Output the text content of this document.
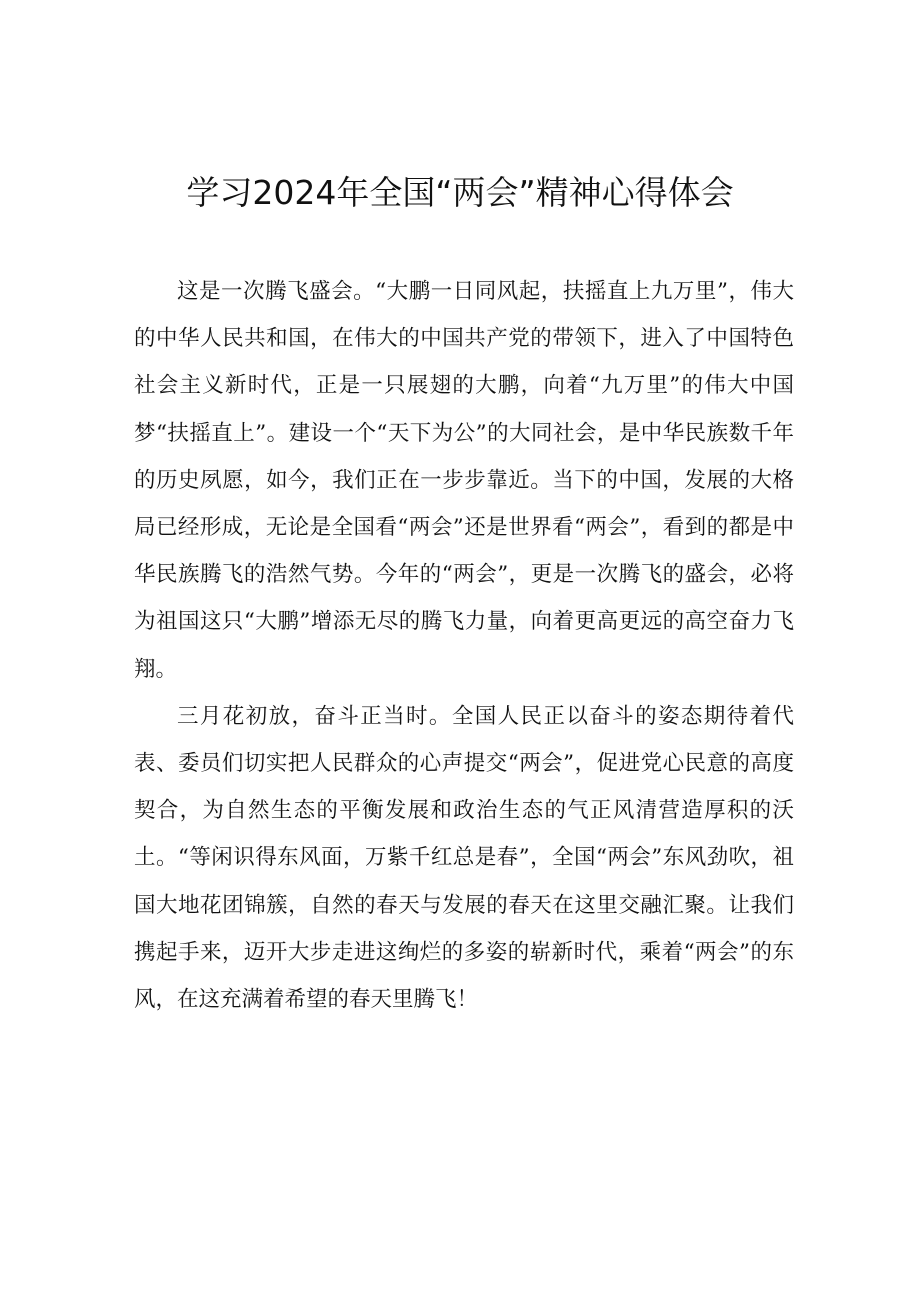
学习2024年全国“两会”精神心得体会

这是一次腾飞盛会。“大鹏一日同风起，扶摇直上九万里”，伟大的中华人民共和国，在伟大的中国共产党的带领下，进入了中国特色社会主义新时代，正是一只展翅的大鹏，向着“九万里”的伟大中国梦“扶摇直上”。建设一个“天下为公”的大同社会，是中华民族数千年的历史夙愿，如今，我们正在一步步靠近。当下的中国，发展的大格局已经形成，无论是全国看“两会”还是世界看“两会”，看到的都是中华民族腾飞的浩然气势。今年的“两会”，更是一次腾飞的盛会，必将为祖国这只“大鹏”增添无尽的腾飞力量，向着更高更远的高空奋力飞翔。

三月花初放，奋斗正当时。全国人民正以奋斗的姿态期待着代表、委员们切实把人民群众的心声提交“两会”，促进党心民意的高度契合，为自然生态的平衡发展和政治生态的气正风清营造厚积的沃土。“等闲识得东风面，万紫千红总是春”，全国“两会”东风劲吹，祖国大地花团锦簇，自然的春天与发展的春天在这里交融汇聚。让我们携起手来，迈开大步走进这绚烂的多姿的崭新时代，乘着“两会”的东风，在这充满着希望的春天里腾飞！
